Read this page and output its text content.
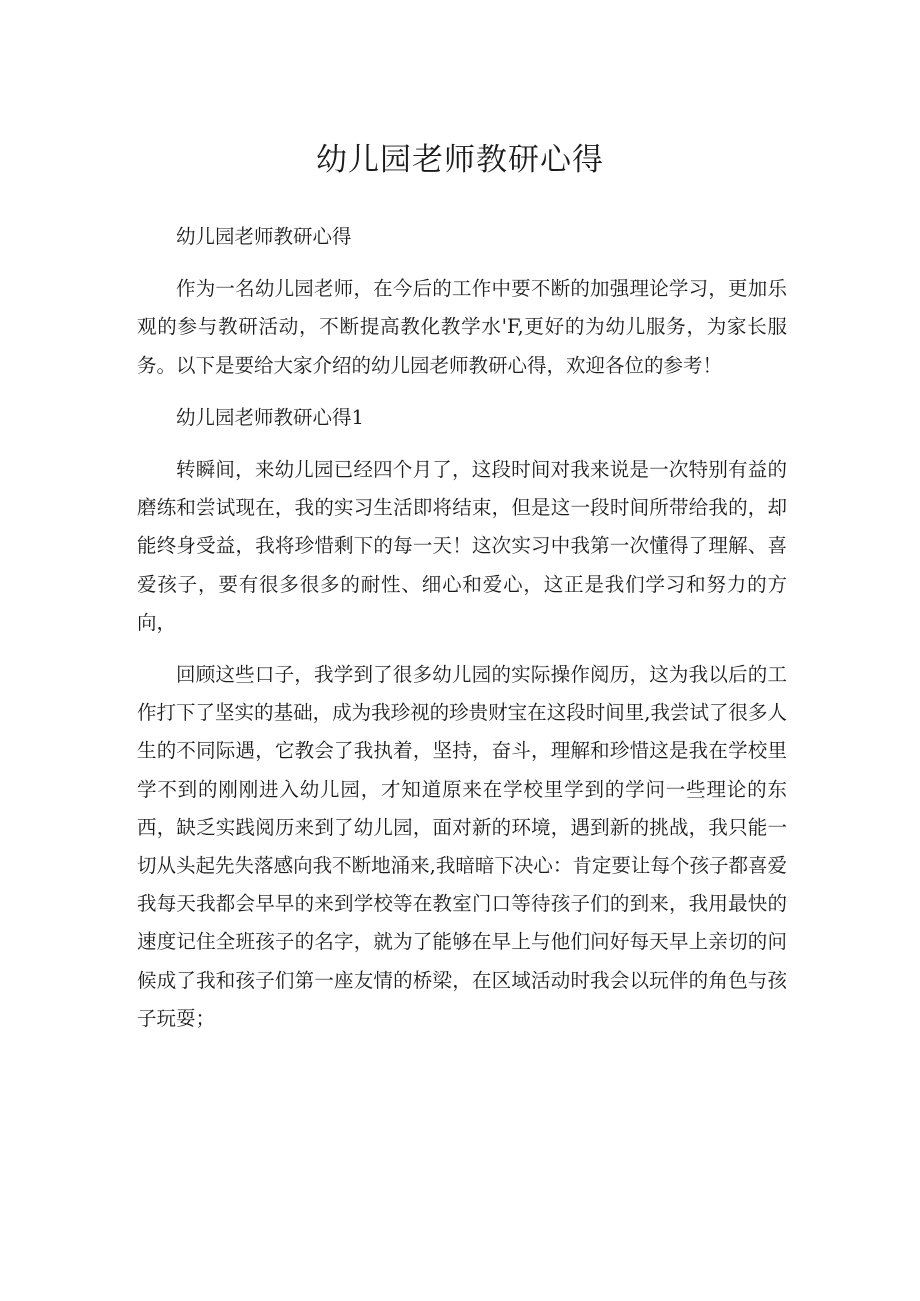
幼儿园老师教研心得

幼儿园老师教研心得

作为一名幼儿园老师，在今后的工作中要不断的加强理论学习，更加乐观的参与教研活动，不断提高教化教学水'F,更好的为幼儿服务，为家长服务。以下是要给大家介绍的幼儿园老师教研心得，欢迎各位的参考！

幼儿园老师教研心得1

转瞬间，来幼儿园已经四个月了，这段时间对我来说是一次特别有益的磨练和尝试现在，我的实习生活即将结束，但是这一段时间所带给我的，却能终身受益，我将珍惜剩下的每一天！这次实习中我第一次懂得了理解、喜爱孩子，要有很多很多的耐性、细心和爱心，这正是我们学习和努力的方向，

回顾这些口子，我学到了很多幼儿园的实际操作阅历，这为我以后的工作打下了坚实的基础，成为我珍视的珍贵财宝在这段时间里,我尝试了很多人生的不同际遇，它教会了我执着，坚持，奋斗，理解和珍惜这是我在学校里学不到的刚刚进入幼儿园，才知道原来在学校里学到的学问一些理论的东西，缺乏实践阅历来到了幼儿园，面对新的环境，遇到新的挑战，我只能一切从头起先失落感向我不断地涌来,我暗暗下决心：肯定要让每个孩子都喜爱我每天我都会早早的来到学校等在教室门口等待孩子们的到来，我用最快的速度记住全班孩子的名字，就为了能够在早上与他们问好每天早上亲切的问候成了我和孩子们第一座友情的桥梁，在区域活动时我会以玩伴的角色与孩子玩耍；
